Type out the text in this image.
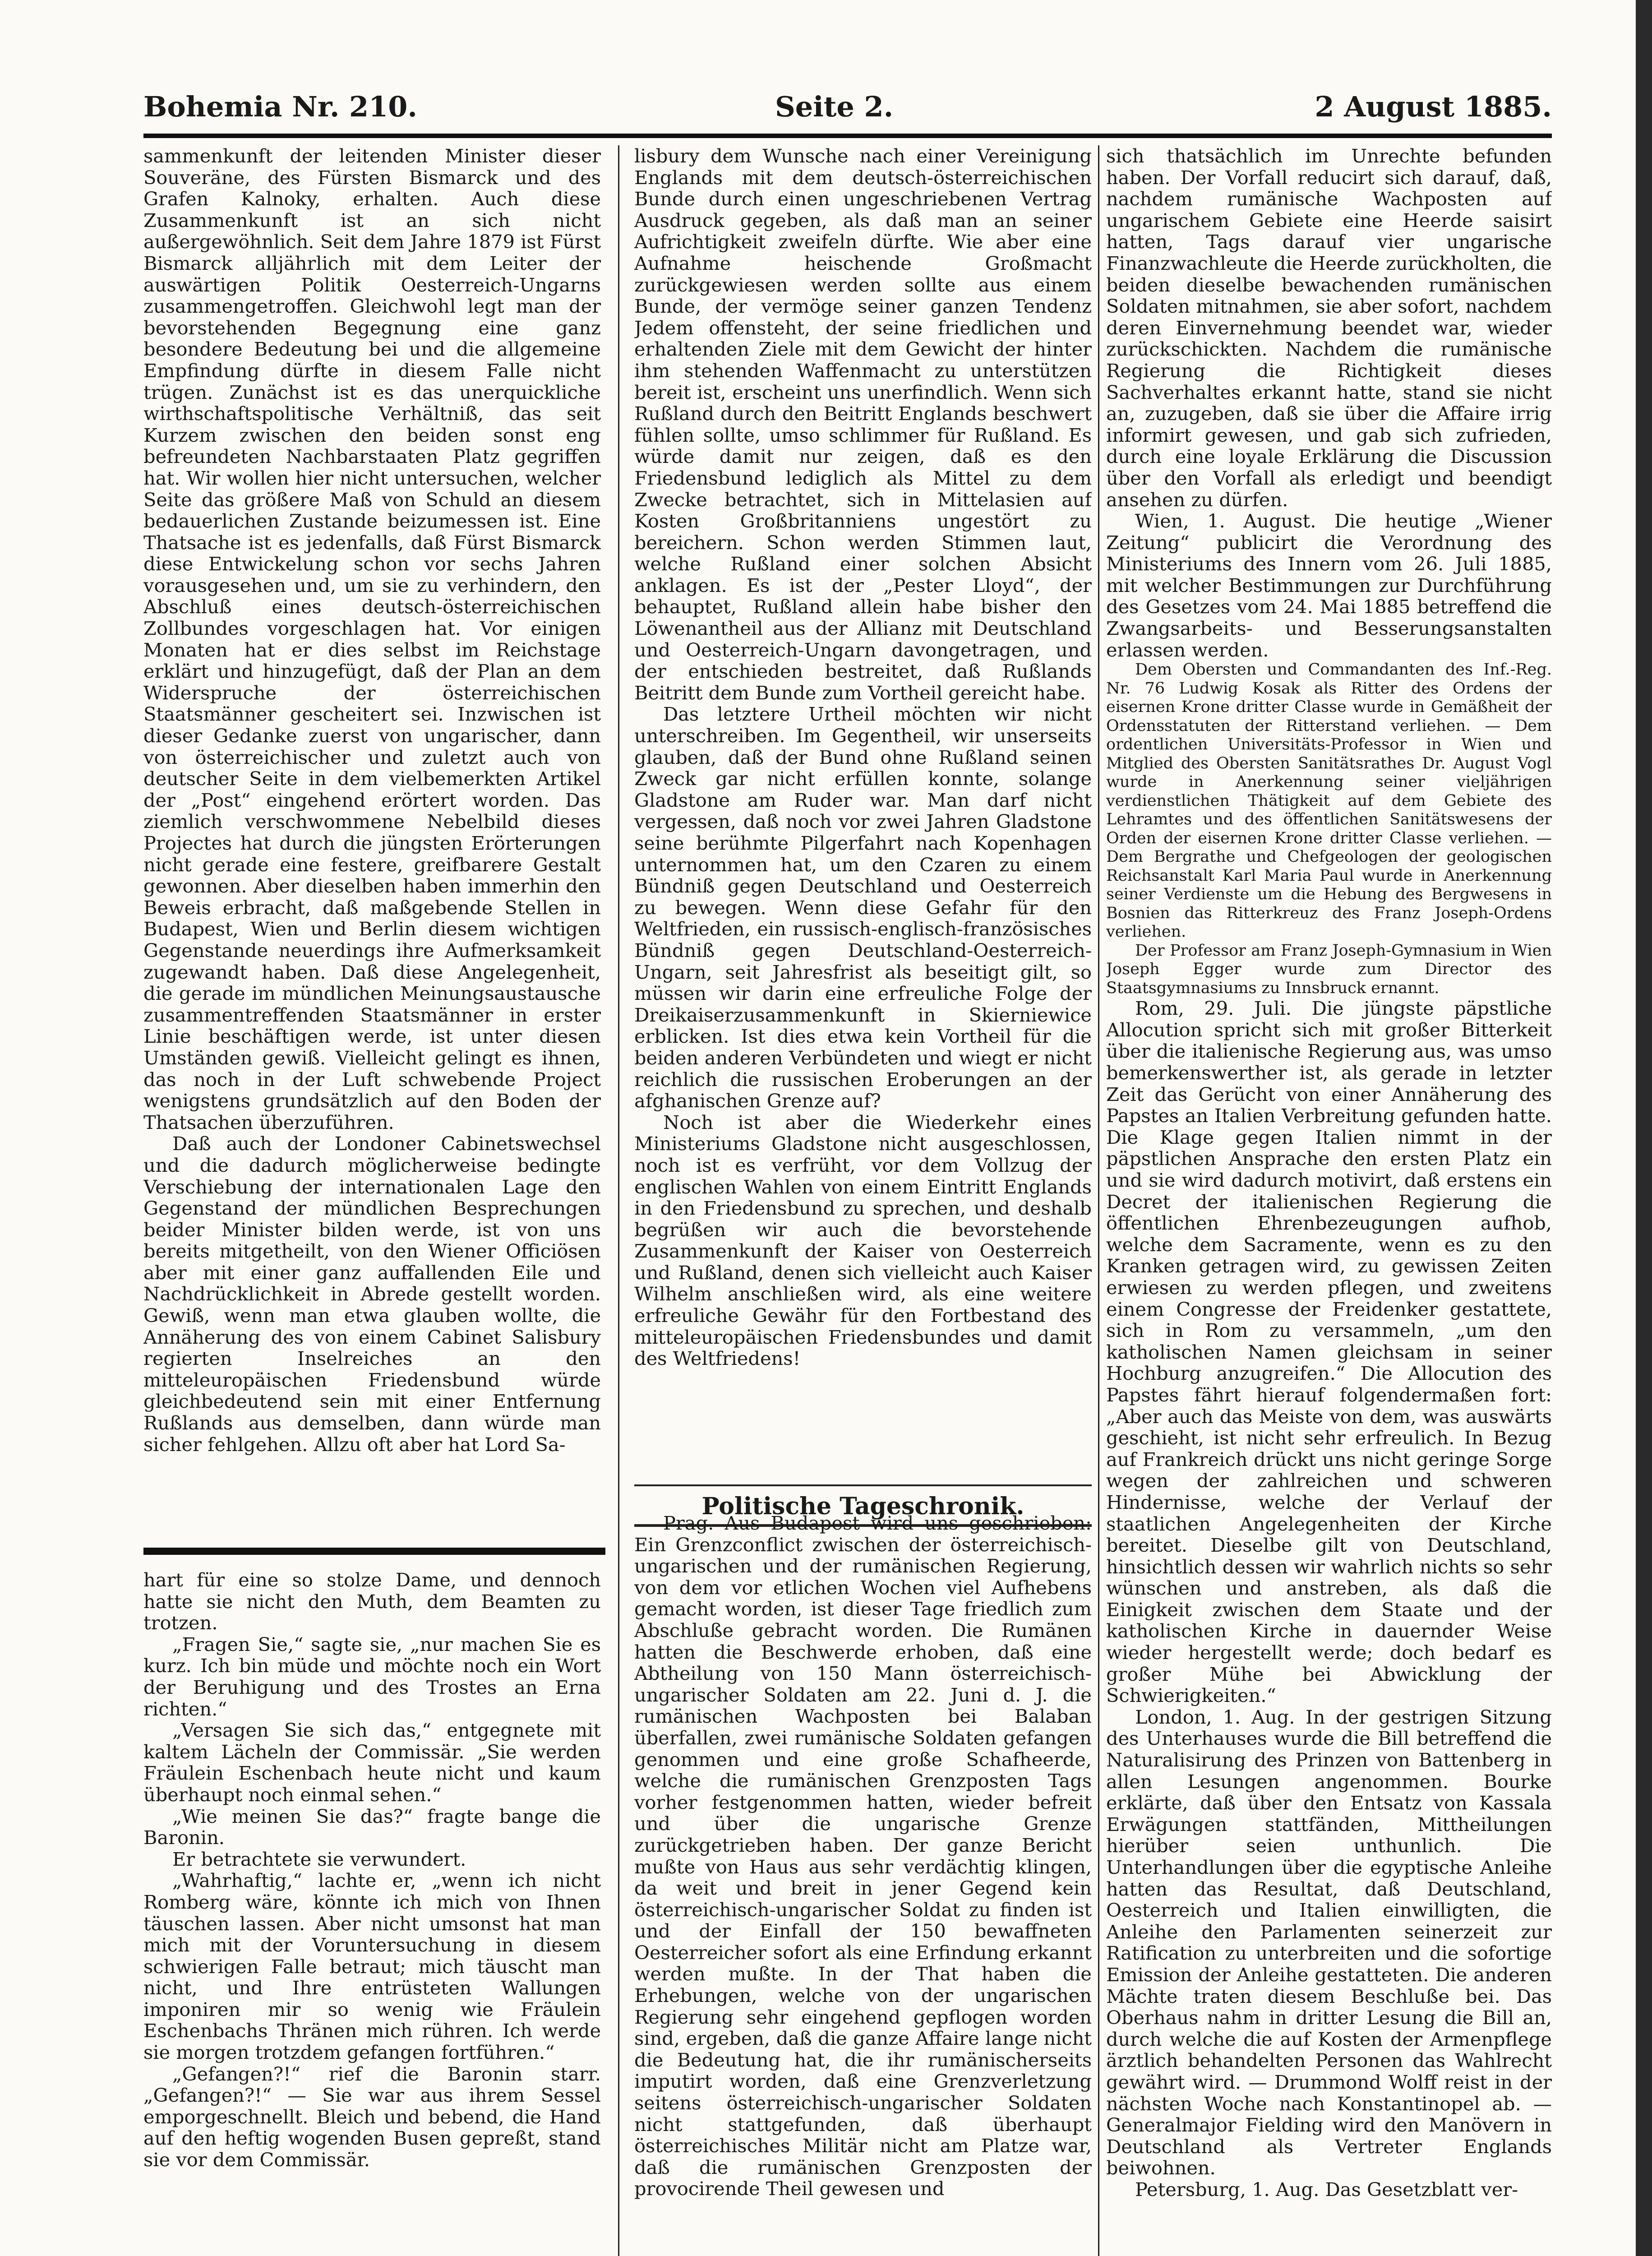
Bohemia Nr. 210.	Seite 2.	2 August 1885.

sammenkunft der leitenden Minister dieser Souveräne, des Fürsten Bismarck und des Grafen Kalnoky, erhalten. Auch diese Zusammenkunft ist an sich nicht außergewöhnlich. Seit dem Jahre 1879 ist Fürst Bismarck alljährlich mit dem Leiter der auswärtigen Politik Oesterreich-Ungarns zusammengetroffen. Gleichwohl legt man der bevorstehenden Begegnung eine ganz besondere Bedeutung bei und die allgemeine Empfindung dürfte in diesem Falle nicht trügen. Zunächst ist es das unerquickliche wirthschaftspolitische Verhältniß, das seit Kurzem zwischen den beiden sonst eng befreundeten Nachbarstaaten Platz gegriffen hat. Wir wollen hier nicht untersuchen, welcher Seite das größere Maß von Schuld an diesem bedauerlichen Zustande beizumessen ist. Eine Thatsache ist es jedenfalls, daß Fürst Bismarck diese Entwickelung schon vor sechs Jahren vorausgesehen und, um sie zu verhindern, den Abschluß eines deutsch-österreichischen Zollbundes vorgeschlagen hat. Vor einigen Monaten hat er dies selbst im Reichstage erklärt und hinzugefügt, daß der Plan an dem Widerspruche der österreichischen Staatsmänner gescheitert sei. Inzwischen ist dieser Gedanke zuerst von ungarischer, dann von österreichischer und zuletzt auch von deutscher Seite in dem vielbemerkten Artikel der „Post“ eingehend erörtert worden. Das ziemlich verschwommene Nebelbild dieses Projectes hat durch die jüngsten Erörterungen nicht gerade eine festere, greifbarere Gestalt gewonnen. Aber dieselben haben immerhin den Beweis erbracht, daß maßgebende Stellen in Budapest, Wien und Berlin diesem wichtigen Gegenstande neuerdings ihre Aufmerksamkeit zugewandt haben. Daß diese Angelegenheit, die gerade im mündlichen Meinungsaustausche zusammentreffenden Staatsmänner in erster Linie beschäftigen werde, ist unter diesen Umständen gewiß. Vielleicht gelingt es ihnen, das noch in der Luft schwebende Project wenigstens grundsätzlich auf den Boden der Thatsachen überzuführen.

Daß auch der Londoner Cabinetswechsel und die dadurch möglicherweise bedingte Verschiebung der internationalen Lage den Gegenstand der mündlichen Besprechungen beider Minister bilden werde, ist von uns bereits mitgetheilt, von den Wiener Officiösen aber mit einer ganz auffallenden Eile und Nachdrücklichkeit in Abrede gestellt worden. Gewiß, wenn man etwa glauben wollte, die Annäherung des von einem Cabinet Salisbury regierten Inselreiches an den mitteleuropäischen Friedensbund würde gleichbedeutend sein mit einer Entfernung Rußlands aus demselben, dann würde man sicher fehlgehen. Allzu oft aber hat Lord Sa-

hart für eine so stolze Dame, und dennoch hatte sie nicht den Muth, dem Beamten zu trotzen.

„Fragen Sie,“ sagte sie, „nur machen Sie es kurz. Ich bin müde und möchte noch ein Wort der Beruhigung und des Trostes an Erna richten.“

„Versagen Sie sich das,“ entgegnete mit kaltem Lächeln der Commissär. „Sie werden Fräulein Eschenbach heute nicht und kaum überhaupt noch einmal sehen.“

„Wie meinen Sie das?“ fragte bange die Baronin.

Er betrachtete sie verwundert.

„Wahrhaftig,“ lachte er, „wenn ich nicht Romberg wäre, könnte ich mich von Ihnen täuschen lassen. Aber nicht umsonst hat man mich mit der Voruntersuchung in diesem schwierigen Falle betraut; mich täuscht man nicht, und Ihre entrüsteten Wallungen imponiren mir so wenig wie Fräulein Eschenbachs Thränen mich rühren. Ich werde sie morgen trotzdem gefangen fortführen.“

„Gefangen?!“ rief die Baronin starr. „Gefangen?!“ — Sie war aus ihrem Sessel emporgeschnellt. Bleich und bebend, die Hand auf den heftig wogenden Busen gepreßt, stand sie vor dem Commissär.

lisbury dem Wunsche nach einer Vereinigung Englands mit dem deutsch-österreichischen Bunde durch einen ungeschriebenen Vertrag Ausdruck gegeben, als daß man an seiner Aufrichtigkeit zweifeln dürfte. Wie aber eine Aufnahme heischende Großmacht zurückgewiesen werden sollte aus einem Bunde, der vermöge seiner ganzen Tendenz Jedem offensteht, der seine friedlichen und erhaltenden Ziele mit dem Gewicht der hinter ihm stehenden Waffenmacht zu unterstützen bereit ist, erscheint uns unerfindlich. Wenn sich Rußland durch den Beitritt Englands beschwert fühlen sollte, umso schlimmer für Rußland. Es würde damit nur zeigen, daß es den Friedensbund lediglich als Mittel zu dem Zwecke betrachtet, sich in Mittelasien auf Kosten Großbritanniens ungestört zu bereichern. Schon werden Stimmen laut, welche Rußland einer solchen Absicht anklagen. Es ist der „Pester Lloyd“, der behauptet, Rußland allein habe bisher den Löwenantheil aus der Allianz mit Deutschland und Oesterreich-Ungarn davongetragen, und der entschieden bestreitet, daß Rußlands Beitritt dem Bunde zum Vortheil gereicht habe.

Das letztere Urtheil möchten wir nicht unterschreiben. Im Gegentheil, wir unserseits glauben, daß der Bund ohne Rußland seinen Zweck gar nicht erfüllen konnte, solange Gladstone am Ruder war. Man darf nicht vergessen, daß noch vor zwei Jahren Gladstone seine berühmte Pilgerfahrt nach Kopenhagen unternommen hat, um den Czaren zu einem Bündniß gegen Deutschland und Oesterreich zu bewegen. Wenn diese Gefahr für den Weltfrieden, ein russisch-englisch-französisches Bündniß gegen Deutschland-Oesterreich-Ungarn, seit Jahresfrist als beseitigt gilt, so müssen wir darin eine erfreuliche Folge der Dreikaiserzusammenkunft in Skierniewice erblicken. Ist dies etwa kein Vortheil für die beiden anderen Verbündeten und wiegt er nicht reichlich die russischen Eroberungen an der afghanischen Grenze auf?

Noch ist aber die Wiederkehr eines Ministeriums Gladstone nicht ausgeschlossen, noch ist es verfrüht, vor dem Vollzug der englischen Wahlen von einem Eintritt Englands in den Friedensbund zu sprechen, und deshalb begrüßen wir auch die bevorstehende Zusammenkunft der Kaiser von Oesterreich und Rußland, denen sich vielleicht auch Kaiser Wilhelm anschließen wird, als eine weitere erfreuliche Gewähr für den Fortbestand des mitteleuropäischen Friedensbundes und damit des Weltfriedens!

Politische Tageschronik.

Prag. Aus Budapest wird uns geschrieben: Ein Grenzconflict zwischen der österreichisch-ungarischen und der rumänischen Regierung, von dem vor etlichen Wochen viel Aufhebens gemacht worden, ist dieser Tage friedlich zum Abschluße gebracht worden. Die Rumänen hatten die Beschwerde erhoben, daß eine Abtheilung von 150 Mann österreichisch-ungarischer Soldaten am 22. Juni d. J. die rumänischen Wachposten bei Balaban überfallen, zwei rumänische Soldaten gefangen genommen und eine große Schafheerde, welche die rumänischen Grenzposten Tags vorher festgenommen hatten, wieder befreit und über die ungarische Grenze zurückgetrieben haben. Der ganze Bericht mußte von Haus aus sehr verdächtig klingen, da weit und breit in jener Gegend kein österreichisch-ungarischer Soldat zu finden ist und der Einfall der 150 bewaffneten Oesterreicher sofort als eine Erfindung erkannt werden mußte. In der That haben die Erhebungen, welche von der ungarischen Regierung sehr eingehend gepflogen worden sind, ergeben, daß die ganze Affaire lange nicht die Bedeutung hat, die ihr rumänischerseits imputirt worden, daß eine Grenzverletzung seitens österreichisch-ungarischer Soldaten nicht stattgefunden, daß überhaupt österreichisches Militär nicht am Platze war, daß die rumänischen Grenzposten der provocirende Theil gewesen und

sich thatsächlich im Unrechte befunden haben. Der Vorfall reducirt sich darauf, daß, nachdem rumänische Wachposten auf ungarischem Gebiete eine Heerde saisirt hatten, Tags darauf vier ungarische Finanzwachleute die Heerde zurückholten, die beiden dieselbe bewachenden rumänischen Soldaten mitnahmen, sie aber sofort, nachdem deren Einvernehmung beendet war, wieder zurückschickten. Nachdem die rumänische Regierung die Richtigkeit dieses Sachverhaltes erkannt hatte, stand sie nicht an, zuzugeben, daß sie über die Affaire irrig informirt gewesen, und gab sich zufrieden, durch eine loyale Erklärung die Discussion über den Vorfall als erledigt und beendigt ansehen zu dürfen.

Wien, 1. August. Die heutige „Wiener Zeitung“ publicirt die Verordnung des Ministeriums des Innern vom 26. Juli 1885, mit welcher Bestimmungen zur Durchführung des Gesetzes vom 24. Mai 1885 betreffend die Zwangsarbeits- und Besserungsanstalten erlassen werden.

Dem Obersten und Commandanten des Inf.-Reg. Nr. 76 Ludwig Kosak als Ritter des Ordens der eisernen Krone dritter Classe wurde in Gemäßheit der Ordensstatuten der Ritterstand verliehen. — Dem ordentlichen Universitäts-Professor in Wien und Mitglied des Obersten Sanitätsrathes Dr. August Vogl wurde in Anerkennung seiner vieljährigen verdienstlichen Thätigkeit auf dem Gebiete des Lehramtes und des öffentlichen Sanitätswesens der Orden der eisernen Krone dritter Classe verliehen. — Dem Bergrathe und Chefgeologen der geologischen Reichsanstalt Karl Maria Paul wurde in Anerkennung seiner Verdienste um die Hebung des Bergwesens in Bosnien das Ritterkreuz des Franz Joseph-Ordens verliehen.

Der Professor am Franz Joseph-Gymnasium in Wien Joseph Egger wurde zum Director des Staatsgymnasiums zu Innsbruck ernannt.

Rom, 29. Juli. Die jüngste päpstliche Allocution spricht sich mit großer Bitterkeit über die italienische Regierung aus, was umso bemerkenswerther ist, als gerade in letzter Zeit das Gerücht von einer Annäherung des Papstes an Italien Verbreitung gefunden hatte. Die Klage gegen Italien nimmt in der päpstlichen Ansprache den ersten Platz ein und sie wird dadurch motivirt, daß erstens ein Decret der italienischen Regierung die öffentlichen Ehrenbezeugungen aufhob, welche dem Sacramente, wenn es zu den Kranken getragen wird, zu gewissen Zeiten erwiesen zu werden pflegen, und zweitens einem Congresse der Freidenker gestattete, sich in Rom zu versammeln, „um den katholischen Namen gleichsam in seiner Hochburg anzugreifen.“ Die Allocution des Papstes fährt hierauf folgendermaßen fort: „Aber auch das Meiste von dem, was auswärts geschieht, ist nicht sehr erfreulich. In Bezug auf Frankreich drückt uns nicht geringe Sorge wegen der zahlreichen und schweren Hindernisse, welche der Verlauf der staatlichen Angelegenheiten der Kirche bereitet. Dieselbe gilt von Deutschland, hinsichtlich dessen wir wahrlich nichts so sehr wünschen und anstreben, als daß die Einigkeit zwischen dem Staate und der katholischen Kirche in dauernder Weise wieder hergestellt werde; doch bedarf es großer Mühe bei Abwicklung der Schwierigkeiten.“

London, 1. Aug. In der gestrigen Sitzung des Unterhauses wurde die Bill betreffend die Naturalisirung des Prinzen von Battenberg in allen Lesungen angenommen. Bourke erklärte, daß über den Entsatz von Kassala Erwägungen stattfänden, Mittheilungen hierüber seien unthunlich. Die Unterhandlungen über die egyptische Anleihe hatten das Resultat, daß Deutschland, Oesterreich und Italien einwilligten, die Anleihe den Parlamenten seinerzeit zur Ratification zu unterbreiten und die sofortige Emission der Anleihe gestatteten. Die anderen Mächte traten diesem Beschluße bei. Das Oberhaus nahm in dritter Lesung die Bill an, durch welche die auf Kosten der Armenpflege ärztlich behandelten Personen das Wahlrecht gewährt wird. — Drummond Wolff reist in der nächsten Woche nach Konstantinopel ab. — Generalmajor Fielding wird den Manövern in Deutschland als Vertreter Englands beiwohnen.

Petersburg, 1. Aug. Das Gesetzblatt ver-
